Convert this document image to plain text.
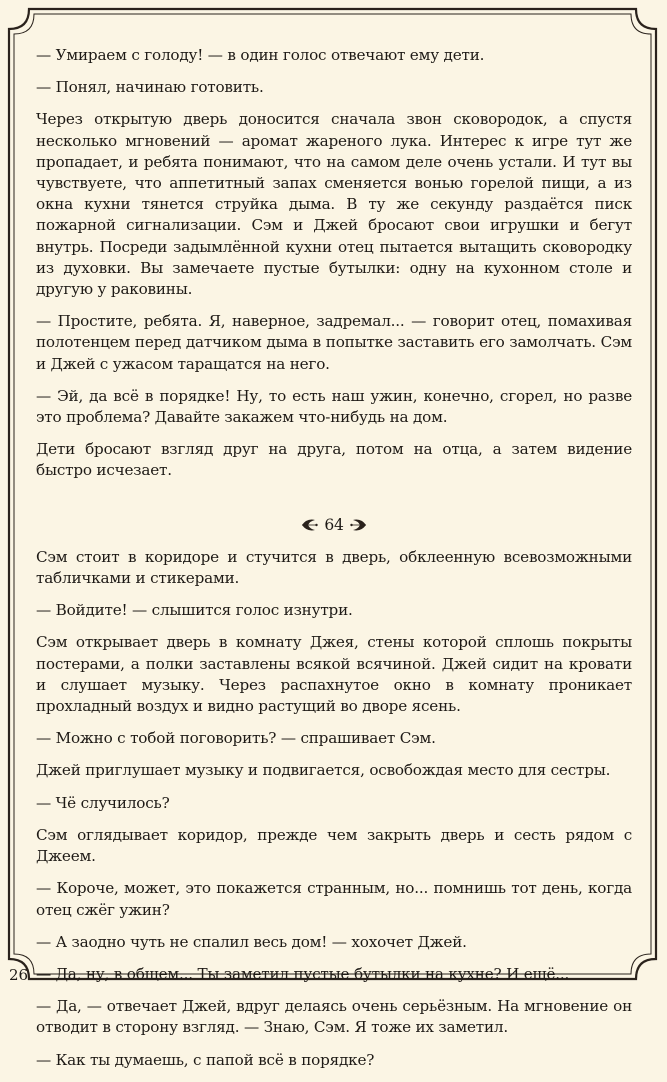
— Умираем с голоду! — в один голос отвечают ему дети.

— Понял, начинаю готовить.

Через открытую дверь доносится сначала звон сковородок, а спустя несколько мгновений — аромат жареного лука. Интерес к игре тут же пропадает, и ребята понимают, что на самом деле очень устали. И тут вы чувствуете, что аппетитный запах сменяется вонью горелой пищи, а из окна кухни тянется струйка дыма. В ту же секунду раздаётся писк пожарной сигнализации. Сэм и Джей бросают свои игрушки и бегут внутрь. Посреди задымлённой кухни отец пытается вытащить сковородку из духовки. Вы замечаете пустые бутылки: одну на кухонном столе и другую у раковины.

— Простите, ребята. Я, наверное, задремал... — говорит отец, помахивая полотенцем перед датчиком дыма в попытке заставить его замолчать. Сэм и Джей с ужасом таращатся на него.

— Эй, да всё в порядке! Ну, то есть наш ужин, конечно, сгорел, но разве это проблема? Давайте закажем что-нибудь на дом.

Дети бросают взгляд друг на друга, потом на отца, а затем видение быстро исчезает.

64

Сэм стоит в коридоре и стучится в дверь, обклеенную всевозможными табличками и стикерами.

— Войдите! — слышится голос изнутри.

Сэм открывает дверь в комнату Джея, стены которой сплошь покрыты постерами, а полки заставлены всякой всячиной. Джей сидит на кровати и слушает музыку. Через распахнутое окно в комнату проникает прохладный воздух и видно растущий во дворе ясень.

— Можно с тобой поговорить? — спрашивает Сэм.

Джей приглушает музыку и подвигается, освобождая место для сестры.

— Чё случилось?

Сэм оглядывает коридор, прежде чем закрыть дверь и сесть рядом с Джеем.

— Короче, может, это покажется странным, но... помнишь тот день, когда отец сжёг ужин?

— А заодно чуть не спалил весь дом! — хохочет Джей.

— Да, ну, в общем... Ты заметил пустые бутылки на кухне? И ещё...

— Да, — отвечает Джей, вдруг делаясь очень серьёзным. На мгновение он отводит в сторону взгляд. — Знаю, Сэм. Я тоже их заметил.

— Как ты думаешь, с папой всё в порядке?

26
